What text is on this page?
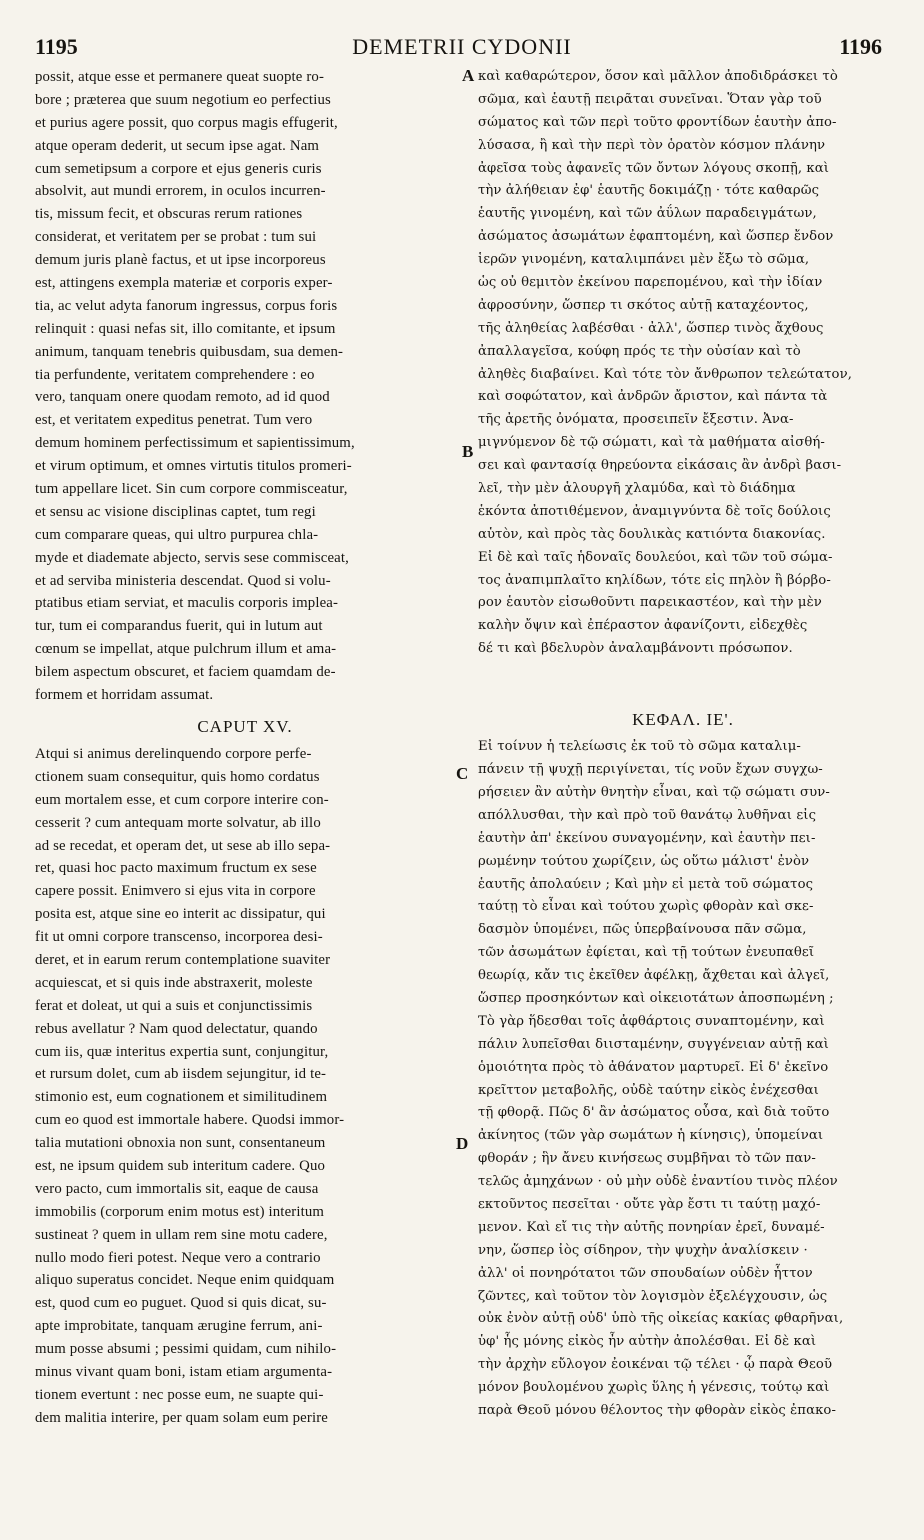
1195	DEMETRII CYDONII	1196
possit, atque esse et permanere queat suopte ro-
bore ; præterea que suum negotium eo perfectius
et purius agere possit, quo corpus magis effugerit,
atque operam dederit, ut secum ipse agat. Nam
cum semetipsum a corpore et ejus generis curis
absolvit, aut mundi errorem, in oculos incurren-
tis, missum fecit, et obscuras rerum rationes
considerat, et veritatem per se probat : tum sui
demum juris planè factus, et ut ipse incorporeus
est, attingens exempla materiæ et corporis exper-
tia, ac velut adyta fanorum ingressus, corpus foris
relinquit : quasi nefas sit, illo comitante, et ipsum
animum, tanquam tenebris quibusdam, sua demen-
tia perfundente, veritatem comprehendere : eo
vero, tanquam onere quodam remoto, ad id quod
est, et veritatem expeditus penetrat. Tum vero
demum hominem perfectissimum et sapientissimum,
et virum optimum, et omnes virtutis titulos promeri-
tum appellare licet. Sin cum corpore commisceatur,
et sensu ac visione disciplinas captet, tum regi
cum comparare queas, qui ultro purpurea chla-
myde et diademate abjecto, servis sese commisceat,
et ad serviba ministeria descendat. Quod si volu-
ptatibus etiam serviat, et maculis corporis implea-
tur, tum ei comparandus fuerit, qui in lutum aut
cœnum se impellat, atque pulchrum illum et ama-
bilem aspectum obscuret, et faciem quamdam de-
formem et horridam assumat.
CAPUT XV.
Atqui si animus derelinquendo corpore perfe-
ctionem suam consequitur, quis homo cordatus
eum mortalem esse, et cum corpore interire con-
cesserit ? cum antequam morte solvatur, ab illo
ad se recedat, et operam det, ut sese ab illo sepa-
ret, quasi hoc pacto maximum fructum ex sese
capere possit. Enimvero si ejus vita in corpore
posita est, atque sine eo interit ac dissipatur, qui
fit ut omni corpore transcenso, incorporea desi-
deret, et in earum rerum contemplatione suaviter
acquiescat, et si quis inde abstraxerit, moleste
ferat et doleat, ut qui a suis et conjunctissimis
rebus avellatur ? Nam quod delectatur, quando
cum iis, quæ interitus expertia sunt, conjungitur,
et rursum dolet, cum ab iisdem sejungitur, id te-
stimonio est, eum cognationem et similitudinem
cum eo quod est immortale habere. Quodsi immor-
talia mutationi obnoxia non sunt, consentaneum
est, ne ipsum quidem sub interitum cadere. Quo
vero pacto, cum immortalis sit, eaque de causa
immobilis (corporum enim motus est) interitum
sustineat ? quem in ullam rem sine motu cadere,
nullo modo fieri potest. Neque vero a contrario
aliquo superatus concidet. Neque enim quidquam
est, quod cum eo puguet. Quod si quis dicat, su-
apte improbitate, tanquam ærugine ferrum, ani-
mum posse absumi ; pessimi quidam, cum nihilo-
minus vivant quam boni, istam etiam argumenta-
tionem evertunt : nec posse eum, ne suapte qui-
dem malitia interire, per quam solam eum perire
καὶ καθαρώτερον, ὅσον καὶ μᾶλλον ἀποδιδράσκει τὸ
σῶμα, καὶ ἑαυτῇ πειρᾶται συνεῖναι. Ὅταν γὰρ τοῦ
σώματος καὶ τῶν περὶ τοῦτο φροντίδων ἑαυτὴν ἀπο-
λύσασα, ἢ καὶ τὴν περὶ τὸν ὁρατὸν κόσμον πλάνην
ἀφεῖσα τοὺς ἀφανεῖς τῶν ὄντων λόγους σκοπῇ, καὶ
τὴν ἀλήθειαν ἐφ' ἑαυτῆς δοκιμάζῃ · τότε καθαρῶς
ἑαυτῆς γινομένη, καὶ τῶν ἀΰλων παραδειγμάτων,
ἀσώματος ἀσωμάτων ἐφαπτομένη, καὶ ὥσπερ ἔνδον
ἱερῶν γινομένη, καταλιμπάνει μὲν ἔξω τὸ σῶμα,
ὡς οὐ θεμιτὸν ἐκείνου παρεπομένου, καὶ τὴν ἰδίαν
ἀφροσύνην, ὥσπερ τι σκότος αὐτῇ καταχέοντος,
τῆς ἀληθείας λαβέσθαι · ἀλλ', ὥσπερ τινὸς ἄχθους
ἀπαλλαγεῖσα, κούφη πρός τε τὴν οὐσίαν καὶ τὸ
ἀληθὲς διαβαίνει. Καὶ τότε τὸν ἄνθρωπον τελεώτατον,
καὶ σοφώτατον, καὶ ἀνδρῶν ἄριστον, καὶ πάντα τὰ
τῆς ἀρετῆς ὀνόματα, προσειπεῖν ἔξεστιν. Ἀνα-
μιγνύμενον δὲ τῷ σώματι, καὶ τὰ μαθήματα αἰσθή-
σει καὶ φαντασίᾳ θηρεύοντα εἰκάσαις ἂν ἀνδρὶ βασι-
λεῖ, τὴν μὲν ἁλουργῆ χλαμύδα, καὶ τὸ διάδημα
ἑκόντα ἀποτιθέμενον, ἀναμιγνύντα δὲ τοῖς δούλοις
αὑτὸν, καὶ πρὸς τὰς δουλικὰς κατιόντα διακονίας.
Εἰ δὲ καὶ ταῖς ἡδοναῖς δουλεύοι, καὶ τῶν τοῦ σώμα-
τος ἀναπιμπλαῖτο κηλίδων, τότε εἰς πηλὸν ἢ βόρβο-
ρον ἑαυτὸν εἰσωθοῦντι παρεικαστέον, καὶ τὴν μὲν
καλὴν ὄψιν καὶ ἐπέραστον ἀφανίζοντι, εἰδεχθὲς
δέ τι καὶ βδελυρὸν ἀναλαμβάνοντι πρόσωπον.
ΚΕΦΑΛ. ΙΕ'.
Εἰ τοίνυν ἡ τελείωσις ἐκ τοῦ τὸ σῶμα καταλιμ-
πάνειν τῇ ψυχῇ περιγίνεται, τίς νοῦν ἔχων συγχω-
ρήσειεν ἂν αὐτὴν θνητὴν εἶναι, καὶ τῷ σώματι συν-
απόλλυσθαι, τὴν καὶ πρὸ τοῦ θανάτῳ λυθῆναι εἰς
ἑαυτὴν ἀπ' ἐκείνου συναγομένην, καὶ ἑαυτὴν πει-
ρωμένην τούτου χωρίζειν, ὡς οὕτω μάλιστ' ἐνὸν
ἑαυτῆς ἀπολαύειν ; Καὶ μὴν εἰ μετὰ τοῦ σώματος
ταύτῃ τὸ εἶναι καὶ τούτου χωρὶς φθορὰν καὶ σκε-
δασμὸν ὑπομένει, πῶς ὑπερβαίνουσα πᾶν σῶμα,
τῶν ἀσωμάτων ἐφίεται, καὶ τῇ τούτων ἐνευπαθεῖ
θεωρίᾳ, κἄν τις ἐκεῖθεν ἀφέλκῃ, ἄχθεται καὶ ἀλγεῖ,
ὥσπερ προσηκόντων καὶ οἰκειοτάτων ἀποσπωμένη ;
Τὸ γὰρ ἥδεσθαι τοῖς ἀφθάρτοις συναπτομένην, καὶ
πάλιν λυπεῖσθαι διισταμένην, συγγένειαν αὐτῇ καὶ
ὁμοιότητα πρὸς τὸ ἀθάνατον μαρτυρεῖ. Εἰ δ' ἐκεῖνο
κρεῖττον μεταβολῆς, οὐδὲ ταύτην εἰκὸς ἐνέχεσθαι
τῇ φθορᾷ. Πῶς δ' ἂν ἀσώματος οὖσα, καὶ διὰ τοῦτο
ἀκίνητος (τῶν γὰρ σωμάτων ἡ κίνησις), ὑπομείναι
φθοράν ; ἣν ἄνευ κινήσεως συμβῆναι τὸ τῶν παν-
τελῶς ἀμηχάνων · οὐ μὴν οὐδὲ ἐναντίου τινὸς πλέον
εκτοῦντος πεσεῖται · οὔτε γὰρ ἔστι τι ταύτῃ μαχό-
μενον. Καὶ εἴ τις τὴν αὐτῆς πονηρίαν ἐρεῖ, δυναμέ-
νην, ὥσπερ ἰὸς σίδηρον, τὴν ψυχὴν ἀναλίσκειν ·
ἀλλ' οἱ πονηρότατοι τῶν σπουδαίων οὐδὲν ἧττον
ζῶντες, καὶ τοῦτον τὸν λογισμὸν ἐξελέγχουσιν, ὡς
οὐκ ἐνὸν αὐτῇ οὐδ' ὑπὸ τῆς οἰκείας κακίας φθαρῆναι,
ὑφ' ἧς μόνης εἰκὸς ἦν αὐτὴν ἀπολέσθαι. Εἰ δὲ καὶ
τὴν ἀρχὴν εὔλογον ἐοικέναι τῷ τέλει · ᾧ παρὰ Θεοῦ
μόνον βουλομένου χωρὶς ὕλης ἡ γένεσις, τούτῳ καὶ
παρὰ Θεοῦ μόνου θέλοντος τὴν φθορὰν εἰκὸς ἐπακο-
A
B
C
D
